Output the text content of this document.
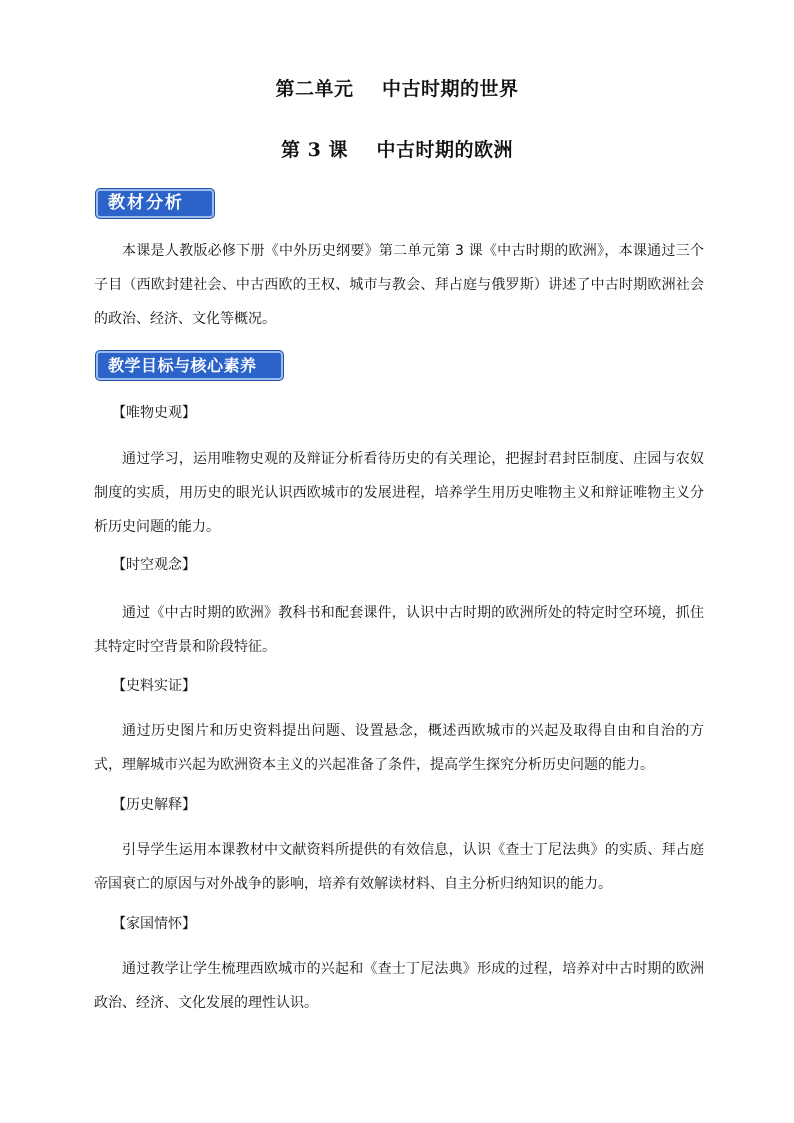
第二单元    中古时期的世界
第 3 课    中古时期的欧洲
教材分析

本课是人教版必修下册《中外历史纲要》第二单元第 3 课《中古时期的欧洲》，本课通过三个子目（西欧封建社会、中古西欧的王权、城市与教会、拜占庭与俄罗斯）讲述了中古时期欧洲社会的政治、经济、文化等概况。

教学目标与核心素养
【唯物史观】

通过学习，运用唯物史观的及辩证分析看待历史的有关理论，把握封君封臣制度、庄园与农奴制度的实质，用历史的眼光认识西欧城市的发展进程，培养学生用历史唯物主义和辩证唯物主义分析历史问题的能力。

【时空观念】

通过《中古时期的欧洲》教科书和配套课件，认识中古时期的欧洲所处的特定时空环境，抓住其特定时空背景和阶段特征。

【史料实证】

通过历史图片和历史资料提出问题、设置悬念，概述西欧城市的兴起及取得自由和自治的方式，理解城市兴起为欧洲资本主义的兴起准备了条件，提高学生探究分析历史问题的能力。

【历史解释】

引导学生运用本课教材中文献资料所提供的有效信息，认识《查士丁尼法典》的实质、拜占庭帝国衰亡的原因与对外战争的影响，培养有效解读材料、自主分析归纳知识的能力。

【家国情怀】

通过教学让学生梳理西欧城市的兴起和《查士丁尼法典》形成的过程，培养对中古时期的欧洲政治、经济、文化发展的理性认识。
